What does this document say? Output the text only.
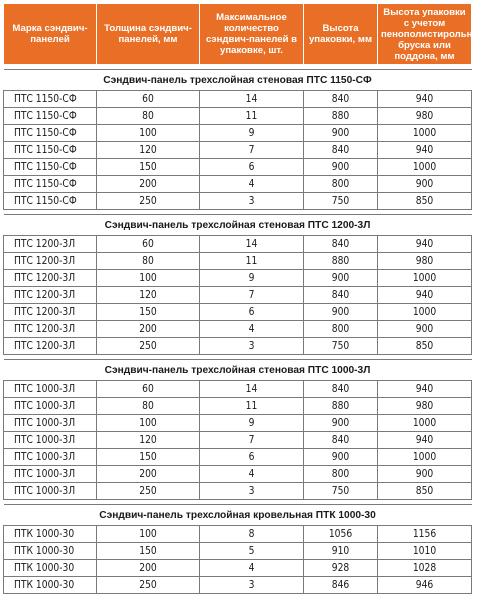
Марка сэндвич-панелей	Толщина сэндвич-панелей, мм	Максимальное количество сэндвич-панелей в упаковке, шт.	Высота упаковки, мм	Высота упаковки с учетом пенополистирольного бруска или поддона, мм

Сэндвич-панель трехслойная стеновая ПТС 1150-СФ				
ПТС 1150-СФ	60	14	840	940
ПТС 1150-СФ	80	11	880	980
ПТС 1150-СФ	100	9	900	1000
ПТС 1150-СФ	120	7	840	940
ПТС 1150-СФ	150	6	900	1000
ПТС 1150-СФ	200	4	800	900
ПТС 1150-СФ	250	3	750	850

Сэндвич-панель трехслойная стеновая ПТС 1200-3Л				
ПТС 1200-3Л	60	14	840	940
ПТС 1200-3Л	80	11	880	980
ПТС 1200-3Л	100	9	900	1000
ПТС 1200-3Л	120	7	840	940
ПТС 1200-3Л	150	6	900	1000
ПТС 1200-3Л	200	4	800	900
ПТС 1200-3Л	250	3	750	850

Сэндвич-панель трехслойная стеновая ПТС 1000-3Л				
ПТС 1000-3Л	60	14	840	940
ПТС 1000-3Л	80	11	880	980
ПТС 1000-3Л	100	9	900	1000
ПТС 1000-3Л	120	7	840	940
ПТС 1000-3Л	150	6	900	1000
ПТС 1000-3Л	200	4	800	900
ПТС 1000-3Л	250	3	750	850

Сэндвич-панель трехслойная кровельная ПТК 1000-30				
ПТК 1000-30	100	8	1056	1156
ПТК 1000-30	150	5	910	1010
ПТК 1000-30	200	4	928	1028
ПТК 1000-30	250	3	846	946
